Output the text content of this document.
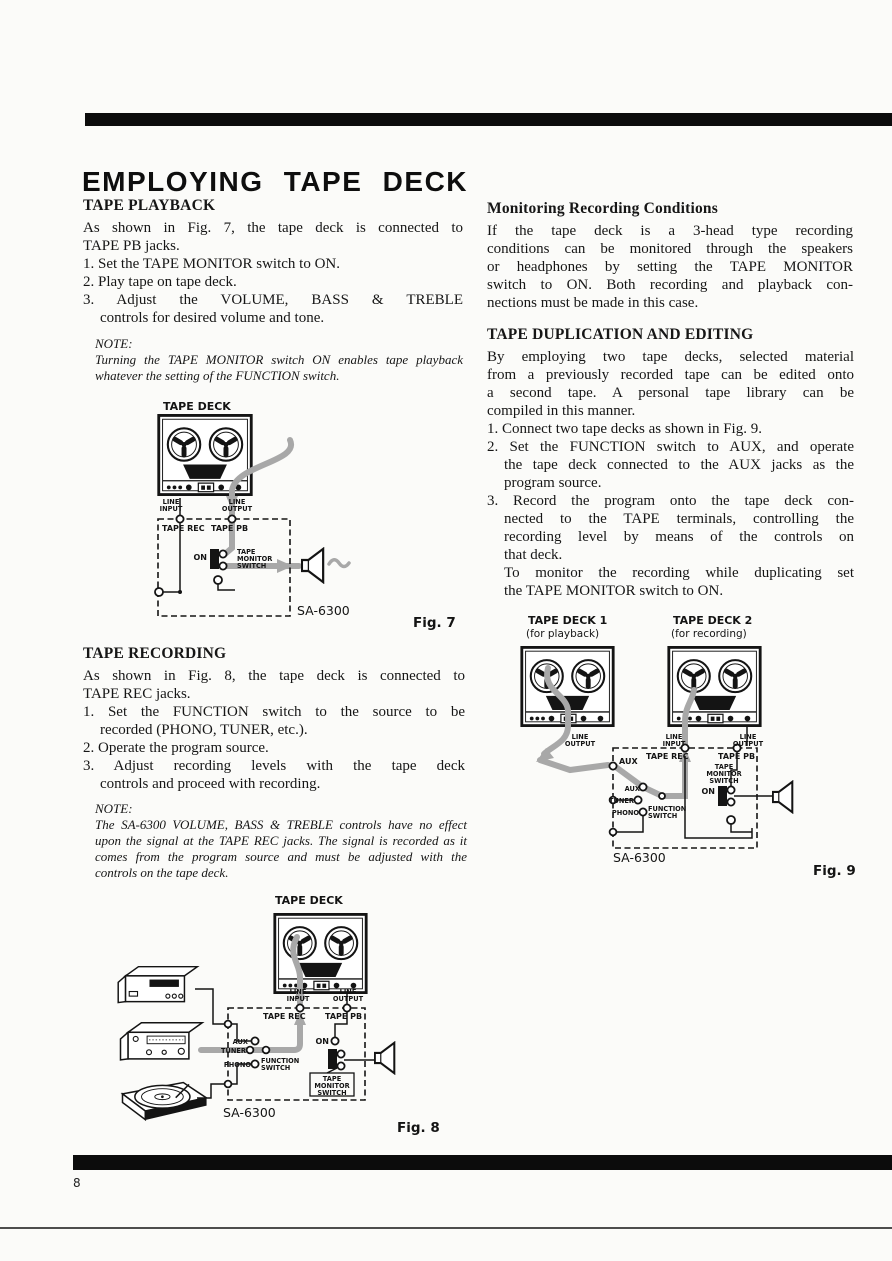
EMPLOYING TAPE DECK
TAPE PLAYBACK
As shown in Fig. 7, the tape deck is connected to
TAPE PB jacks.
1. Set the TAPE MONITOR switch to ON.
2. Play tape on tape deck.
3. Adjust the VOLUME, BASS & TREBLE
controls for desired volume and tone.
NOTE:
Turning the TAPE MONITOR switch ON enables tape playback
whatever the setting of the FUNCTION switch.
TAPE DECK
LINE
INPUT
LINE
OUTPUT
TAPE REC TAPE PB
ON
TAPE
MONITOR
SWITCH
SA-6300
Fig. 7
TAPE RECORDING
As shown in Fig. 8, the tape deck is connected to
TAPE REC jacks.
1. Set the FUNCTION switch to the source to be
recorded (PHONO, TUNER, etc.).
2. Operate the program source.
3. Adjust recording levels with the tape deck
controls and proceed with recording.
NOTE:
The SA-6300 VOLUME, BASS & TREBLE controls have no effect
upon the signal at the TAPE REC jacks. The signal is recorded as it
comes from the program source and must be adjusted with the
controls on the tape deck.
TAPE DECK
LINE
INPUT
LINE
OUTPUT
TAPE REC TAPE PB
AUX
TUNER
PHONO FUNCTION
SWITCH
ON
TAPE
MONITOR
SWITCH
SA-6300
Fig. 8
Monitoring Recording Conditions
If the tape deck is a 3-head type recording
conditions can be monitored through the speakers
or headphones by setting the TAPE MONITOR
switch to ON. Both recording and playback con-
nections must be made in this case.
TAPE DUPLICATION AND EDITING
By employing two tape decks, selected material
from a previously recorded tape can be edited onto
a second tape. A personal tape library can be
compiled in this manner.
1. Connect two tape decks as shown in Fig. 9.
2. Set the FUNCTION switch to AUX, and operate
the tape deck connected to the AUX jacks as the
program source.
3. Record the program onto the tape deck con-
nected to the TAPE terminals, controlling the
recording level by means of the controls on
that deck.
To monitor the recording while duplicating set
the TAPE MONITOR switch to ON.
TAPE DECK 1
(for playback)
TAPE DECK 2
(for recording)
LINE
OUTPUT
LINE
INPUT
LINE
OUTPUT
AUX
TAPE REC	TAPE PB
TAPE
MONITOR
SWITCH
ON
AUX
TUNER
PHONO FUNCTION
SWITCH
SA-6300
Fig. 9
8
